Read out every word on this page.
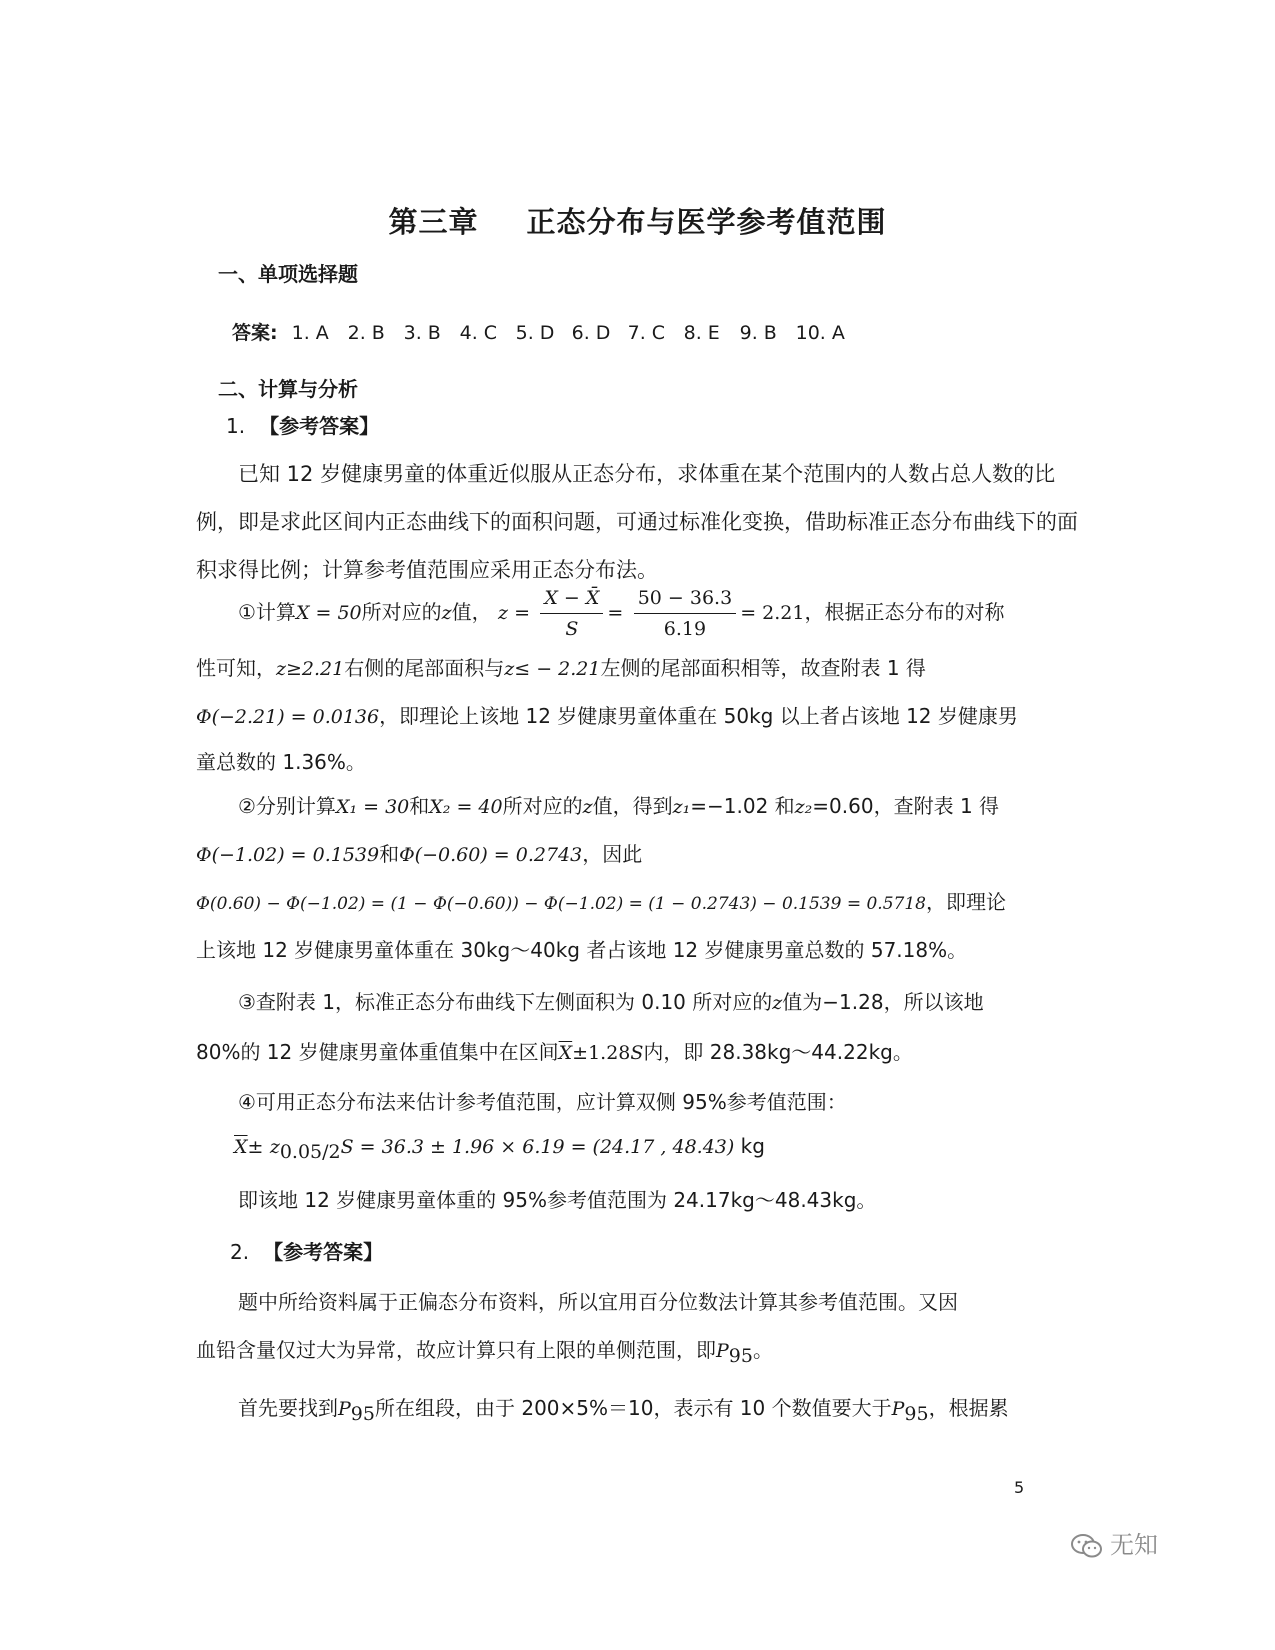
第三章 正态分布与医学参考值范围
一、单项选择题
答案: 1. A 2. B 3. B 4. C 5. D 6. D 7. C 8. E 9. B 10. A
二、计算与分析
1. 【参考答案】

已知 12 岁健康男童的体重近似服从正态分布，求体重在某个范围内的人数占总人数的比例，即是求此区间内正态曲线下的面积问题，可通过标准化变换，借助标准正态分布曲线下的面积求得比例；计算参考值范围应采用正态分布法。

①计算X = 50所对应的z值， $z = \frac{X - X̄}{S} = \frac{50 - 36.3}{6.19} = 2.21$，根据正态分布的对称
性可知，z≥2.21右侧的尾部面积与z≤ − 2.21左侧的尾部面积相等，故查附表 1 得
Φ(−2.21) = 0.0136，即理论上该地 12 岁健康男童体重在 50kg 以上者占该地 12 岁健康男
童总数的 1.36%。
②分别计算X₁ = 30和X₂ = 40所对应的z值，得到z₁=−1.02 和z₂=0.60，查附表 1 得
Φ(−1.02) = 0.1539和Φ(−0.60) = 0.2743，因此
Φ(0.60) − Φ(−1.02) = (1 − Φ(−0.60)) − Φ(−1.02) = (1 − 0.2743) − 0.1539 = 0.5718，即理论
上该地 12 岁健康男童体重在 30kg～40kg 者占该地 12 岁健康男童总数的 57.18%。
③查附表 1，标准正态分布曲线下左侧面积为 0.10 所对应的z值为−1.28，所以该地
80%的 12 岁健康男童体重值集中在区间$\overline{X}\pm 1.28S$内，即 28.38kg～44.22kg。
④可用正态分布法来估计参考值范围，应计算双侧 95%参考值范围：
$\overline{X}\pm z_{0.05/2}S = 36.3 \pm 1.96 \times 6.19 = (24.17$ , 48.43) kg
即该地 12 岁健康男童体重的 95%参考值范围为 24.17kg～48.43kg。
2. 【参考答案】
题中所给资料属于正偏态分布资料，所以宜用百分位数法计算其参考值范围。又因
血铅含量仅过大为异常，故应计算只有上限的单侧范围，即$P_{95}$。
首先要找到$P_{95}$所在组段，由于 200×5%＝10，表示有 10 个数值要大于$P_{95}$，根据累
5
无知
